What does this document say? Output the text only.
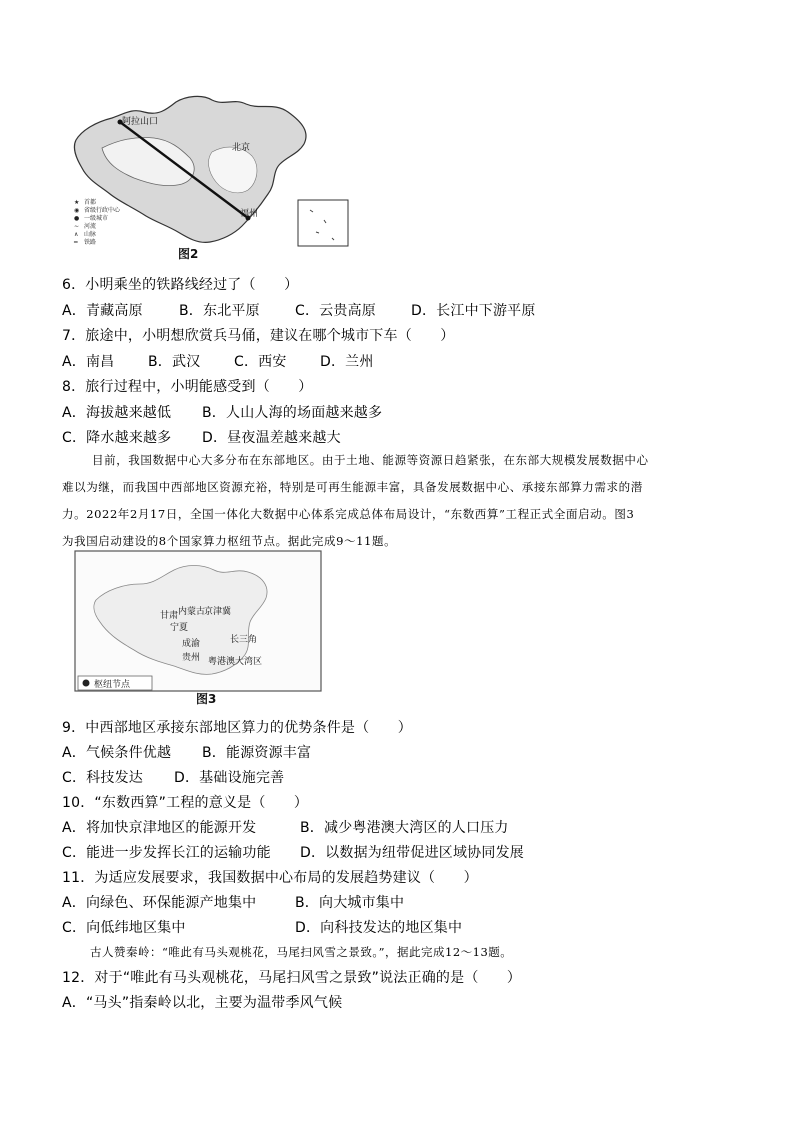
阿拉山口
北京
福州
★ 首都
◉ 省级行政中心
● 一级城市
∼ 河流
∧ 山脉
━ 铁路
图2
6．小明乘坐的铁路线经过了（　　）
A．青藏高原	B．东北平原	C．云贵高原	D．长江中下游平原
7．旅途中，小明想欣赏兵马俑，建议在哪个城市下车（　　）
A．南昌 B．武汉 C．西安 D．兰州
8．旅行过程中，小明能感受到（　　）
A．海拔越来越低 B．人山人海的场面越来越多
C．降水越来越多 D．昼夜温差越来越大
目前，我国数据中心大多分布在东部地区。由于土地、能源等资源日趋紧张，在东部大规模发展数据中心
难以为继，而我国中西部地区资源充裕，特别是可再生能源丰富，具备发展数据中心、承接东部算力需求的潜
力。2022年2月17日，全国一体化大数据中心体系完成总体布局设计，“东数西算”工程正式全面启动。图3
为我国启动建设的8个国家算力枢纽节点。据此完成9～11题。
甘肃 内蒙古
京津冀
宁夏
成渝	长三角
贵州 粤港澳大湾区
枢纽节点
图3
9．中西部地区承接东部地区算力的优势条件是（　　）
A．气候条件优越 B．能源资源丰富
C．科技发达 D．基础设施完善
10．“东数西算”工程的意义是（　　）
A．将加快京津地区的能源开发	B．减少粤港澳大湾区的人口压力
C．能进一步发挥长江的运输功能 D．以数据为纽带促进区域协同发展
11．为适应发展要求，我国数据中心布局的发展趋势建议（　　）
A．向绿色、环保能源产地集中	B．向大城市集中
C．向低纬地区集中	D．向科技发达的地区集中
古人赞秦岭：“唯此有马头观桃花，马尾扫风雪之景致。”，据此完成12～13题。
12．对于“唯此有马头观桃花，马尾扫风雪之景致”说法正确的是（　　）
A．“马头”指秦岭以北，主要为温带季风气候
